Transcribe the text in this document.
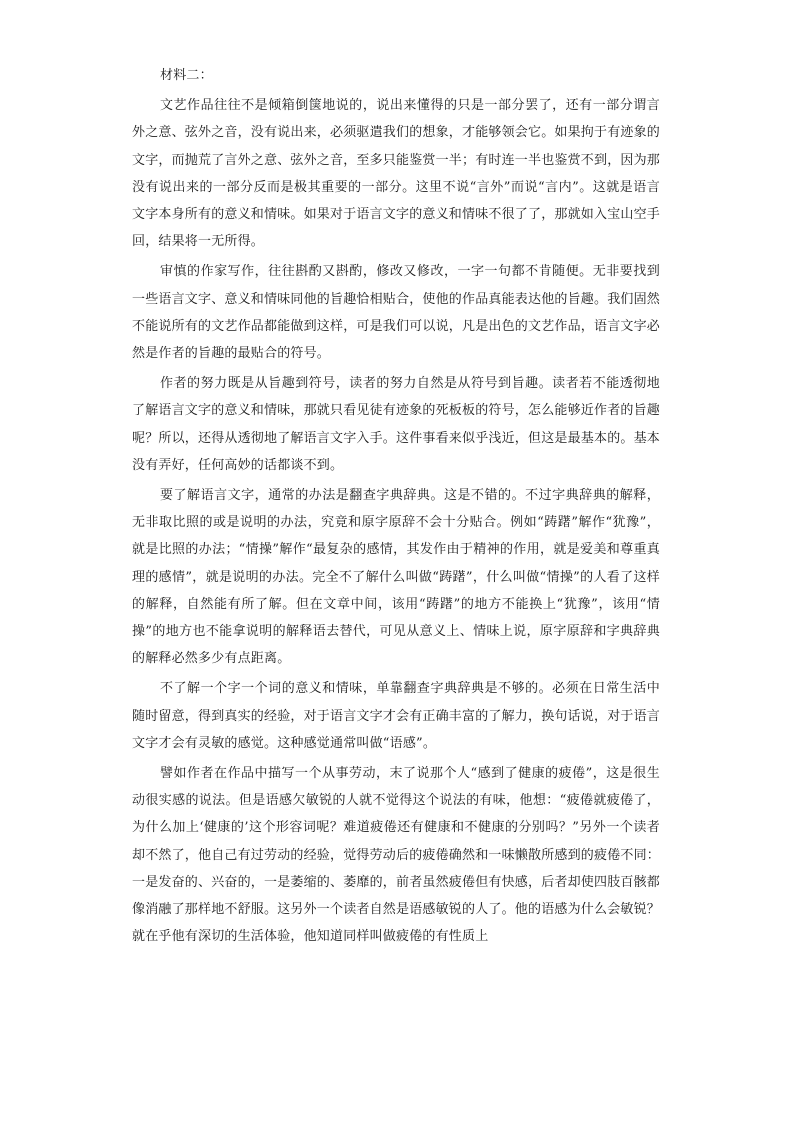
材料二：

文艺作品往往不是倾箱倒箧地说的，说出来懂得的只是一部分罢了，还有一部分谓言外之意、弦外之音，没有说出来，必须驱遣我们的想象，才能够领会它。如果拘于有迹象的文字，而抛荒了言外之意、弦外之音，至多只能鉴赏一半；有时连一半也鉴赏不到，因为那没有说出来的一部分反而是极其重要的一部分。这里不说“言外”而说“言内”。这就是语言文字本身所有的意义和情味。如果对于语言文字的意义和情味不很了了，那就如入宝山空手回，结果将一无所得。

审慎的作家写作，往往斟酌又斟酌，修改又修改，一字一句都不肯随便。无非要找到一些语言文字、意义和情味同他的旨趣恰相贴合，使他的作品真能表达他的旨趣。我们固然不能说所有的文艺作品都能做到这样，可是我们可以说，凡是出色的文艺作品，语言文字必然是作者的旨趣的最贴合的符号。

作者的努力既是从旨趣到符号，读者的努力自然是从符号到旨趣。读者若不能透彻地了解语言文字的意义和情味，那就只看见徒有迹象的死板板的符号，怎么能够近作者的旨趣呢？所以，还得从透彻地了解语言文字入手。这件事看来似乎浅近，但这是最基本的。基本没有弄好，任何高妙的话都谈不到。

要了解语言文字，通常的办法是翻查字典辞典。这是不错的。不过字典辞典的解释，无非取比照的或是说明的办法，究竟和原字原辞不会十分贴合。例如“踌躇”解作“犹豫”，就是比照的办法；“情操”解作“最复杂的感情，其发作由于精神的作用，就是爱美和尊重真理的感情”，就是说明的办法。完全不了解什么叫做“踌躇”，什么叫做“情操”的人看了这样的解释，自然能有所了解。但在文章中间，该用“踌躇”的地方不能换上“犹豫”，该用“情操”的地方也不能拿说明的解释语去替代，可见从意义上、情味上说，原字原辞和字典辞典的解释必然多少有点距离。

不了解一个字一个词的意义和情味，单靠翻查字典辞典是不够的。必须在日常生活中随时留意，得到真实的经验，对于语言文字才会有正确丰富的了解力，换句话说，对于语言文字才会有灵敏的感觉。这种感觉通常叫做“语感”。

譬如作者在作品中描写一个从事劳动，末了说那个人“感到了健康的疲倦”，这是很生动很实感的说法。但是语感欠敏锐的人就不觉得这个说法的有味，他想：“疲倦就疲倦了，为什么加上‘健康的’这个形容词呢？难道疲倦还有健康和不健康的分别吗？”另外一个读者却不然了，他自己有过劳动的经验，觉得劳动后的疲倦确然和一味懒散所感到的疲倦不同：一是发奋的、兴奋的，一是萎缩的、萎靡的，前者虽然疲倦但有快感，后者却使四肢百骸都像消融了那样地不舒服。这另外一个读者自然是语感敏锐的人了。他的语感为什么会敏锐？就在乎他有深切的生活体验，他知道同样叫做疲倦的有性质上
